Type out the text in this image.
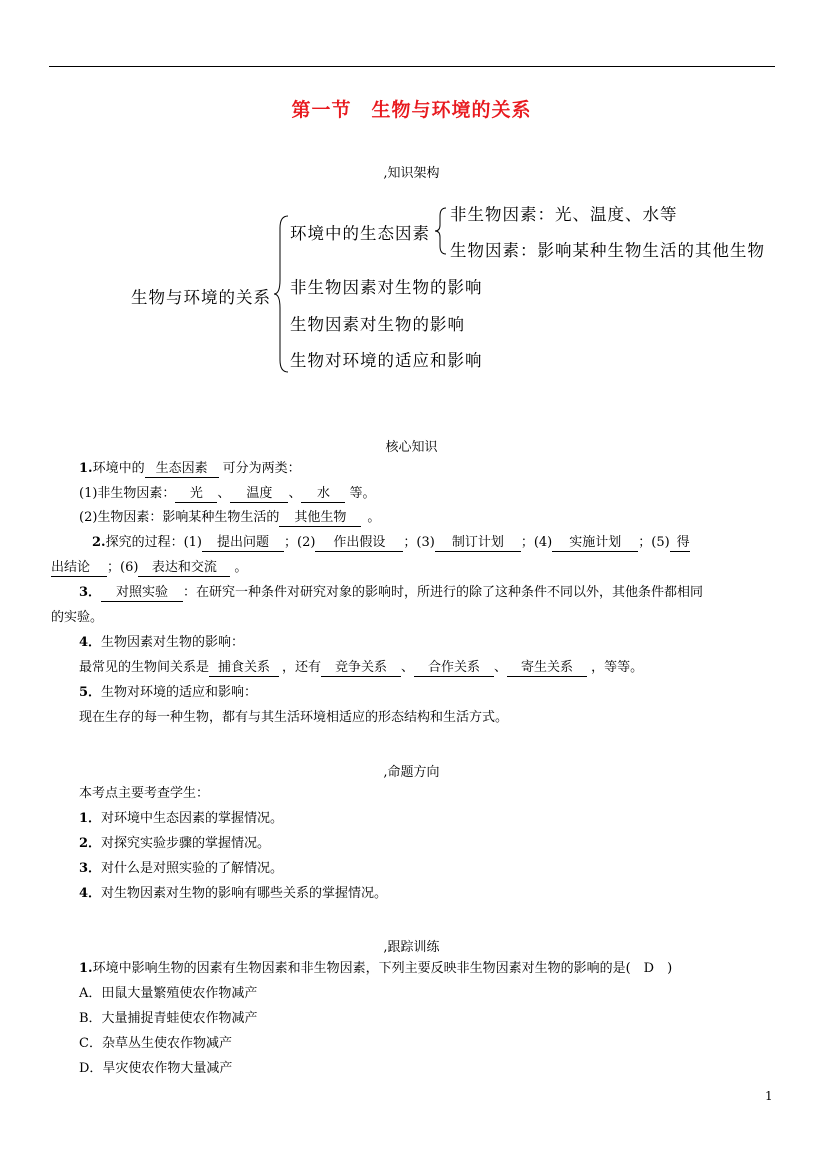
第一节　生物与环境的关系
,知识架构
生物与环境的关系
环境中的生态因素
非生物因素：光、温度、水等
生物因素：影响某种生物生活的其他生物
非生物因素对生物的影响
生物因素对生物的影响
生物对环境的适应和影响
核心知识
1.环境中的 生态因素 可分为两类：
(1)非生物因素： 光 、 温度 、 水 等。
(2)生物因素：影响某种生物生活的 其他生物 。
2.探究的过程：(1) 提出问题 ；(2) 作出假设 ；(3) 制订计划 ；(4) 实施计划 ；(5) 得
出结论 ；(6) 表达和交流 。
3． 对照实验 ：在研究一种条件对研究对象的影响时，所进行的除了这种条件不同以外，其他条件都相同
的实验。
4．生物因素对生物的影响：
最常见的生物间关系是 捕食关系 ，还有 竞争关系 、 合作关系 、 寄生关系 ，等等。
5．生物对环境的适应和影响：
现在生存的每一种生物，都有与其生活环境相适应的形态结构和生活方式。
,命题方向
本考点主要考查学生：
1．对环境中生态因素的掌握情况。
2．对探究实验步骤的掌握情况。
3．对什么是对照实验的了解情况。
4．对生物因素对生物的影响有哪些关系的掌握情况。
,跟踪训练
1.环境中影响生物的因素有生物因素和非生物因素，下列主要反映非生物因素对生物的影响的是(　D　)
A．田鼠大量繁殖使农作物减产
B．大量捕捉青蛙使农作物减产
C．杂草丛生使农作物减产
D．旱灾使农作物大量减产
1
